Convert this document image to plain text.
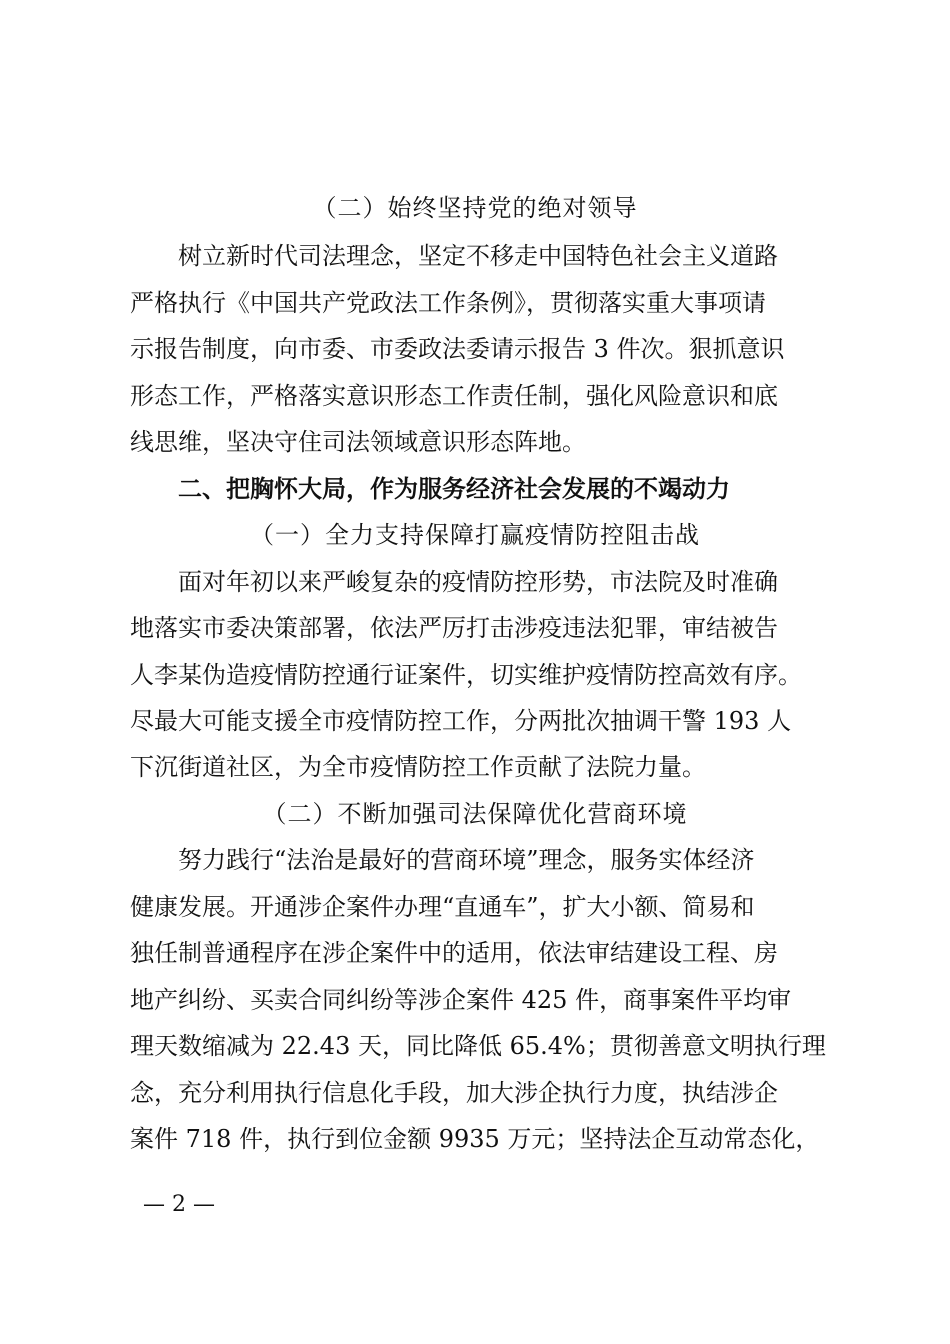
（二）始终坚持党的绝对领导
树立新时代司法理念，坚定不移走中国特色社会主义道路
严格执行《中国共产党政法工作条例》，贯彻落实重大事项请
示报告制度，向市委、市委政法委请示报告 3 件次。狠抓意识
形态工作，严格落实意识形态工作责任制，强化风险意识和底
线思维，坚决守住司法领域意识形态阵地。
二、把胸怀大局，作为服务经济社会发展的不竭动力
（一）全力支持保障打赢疫情防控阻击战
面对年初以来严峻复杂的疫情防控形势，市法院及时准确
地落实市委决策部署，依法严厉打击涉疫违法犯罪，审结被告
人李某伪造疫情防控通行证案件，切实维护疫情防控高效有序。
尽最大可能支援全市疫情防控工作，分两批次抽调干警 193 人
下沉街道社区，为全市疫情防控工作贡献了法院力量。
（二）不断加强司法保障优化营商环境
努力践行“法治是最好的营商环境”理念，服务实体经济
健康发展。开通涉企案件办理“直通车”，扩大小额、简易和
独任制普通程序在涉企案件中的适用，依法审结建设工程、房
地产纠纷、买卖合同纠纷等涉企案件 425 件，商事案件平均审
理天数缩减为 22.43 天，同比降低 65.4%；贯彻善意文明执行理
念，充分利用执行信息化手段，加大涉企执行力度，执结涉企
案件 718 件，执行到位金额 9935 万元；坚持法企互动常态化，
— 2 —
